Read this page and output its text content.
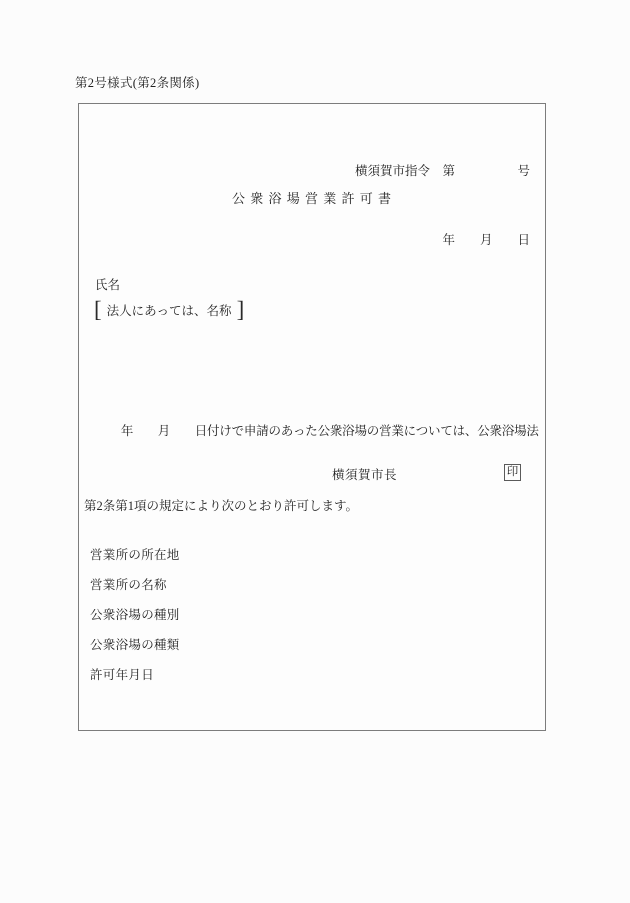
第2号様式(第2条関係)

横須賀市指令　第　　　　　号

年　　月　　日

公 衆 浴 場 営 業 許 可 書
氏名
[ 法人にあっては、名称 ]

　　　年　　月　　日付けで申請のあった公衆浴場の営業については、公衆浴場法

第2条第1項の規定により次のとおり許可します。

横須賀市長	印
営業所の所在地
営業所の名称
公衆浴場の種別
公衆浴場の種類
許可年月日
